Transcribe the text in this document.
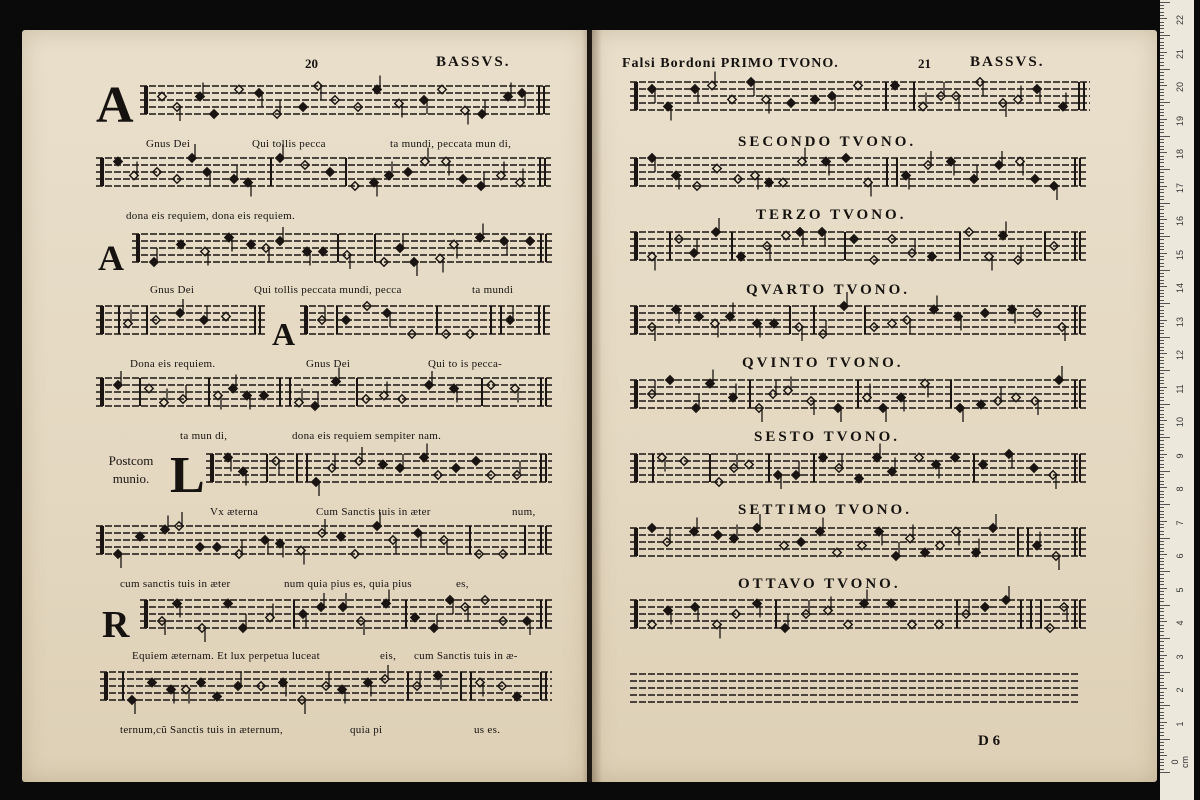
20	BASSVS.
A
Gnus Dei	Qui tollis pecca	ta mundi, peccata mun di,
dona eis requiem, dona eis requiem.
A
Gnus Dei	Qui tollis peccata mundi, pecca	ta mundi
A
Dona eis requiem.	Gnus Dei	Qui to is pecca-
ta mun di,	dona eis requiem sempiter nam.
Postcom munio. L
Vx æterna	Cum Sanctis tuis in æter	num,
cum sanctis tuis in æter	num quia pius es, quia pius	es,
R
Equiem æternam. Et lux perpetua luceat	eis, cum Sanctis tuis in æ-
ternum,cũ Sanctis tuis in æternum,	quia pi	us es.
Falsi Bordoni PRIMO TVONO.	21	BASSVS.
SECONDO TVONO.
TERZO TVONO.
QVARTO TVONO.
QVINTO TVONO.
SESTO TVONO.
SETTIMO TVONO.
OTTAVO TVONO.
D 6
0 cm
1
2
3
4
5
6
7
8
9
10
11
12
13
14
15
16
17
18
19
20
21
22
